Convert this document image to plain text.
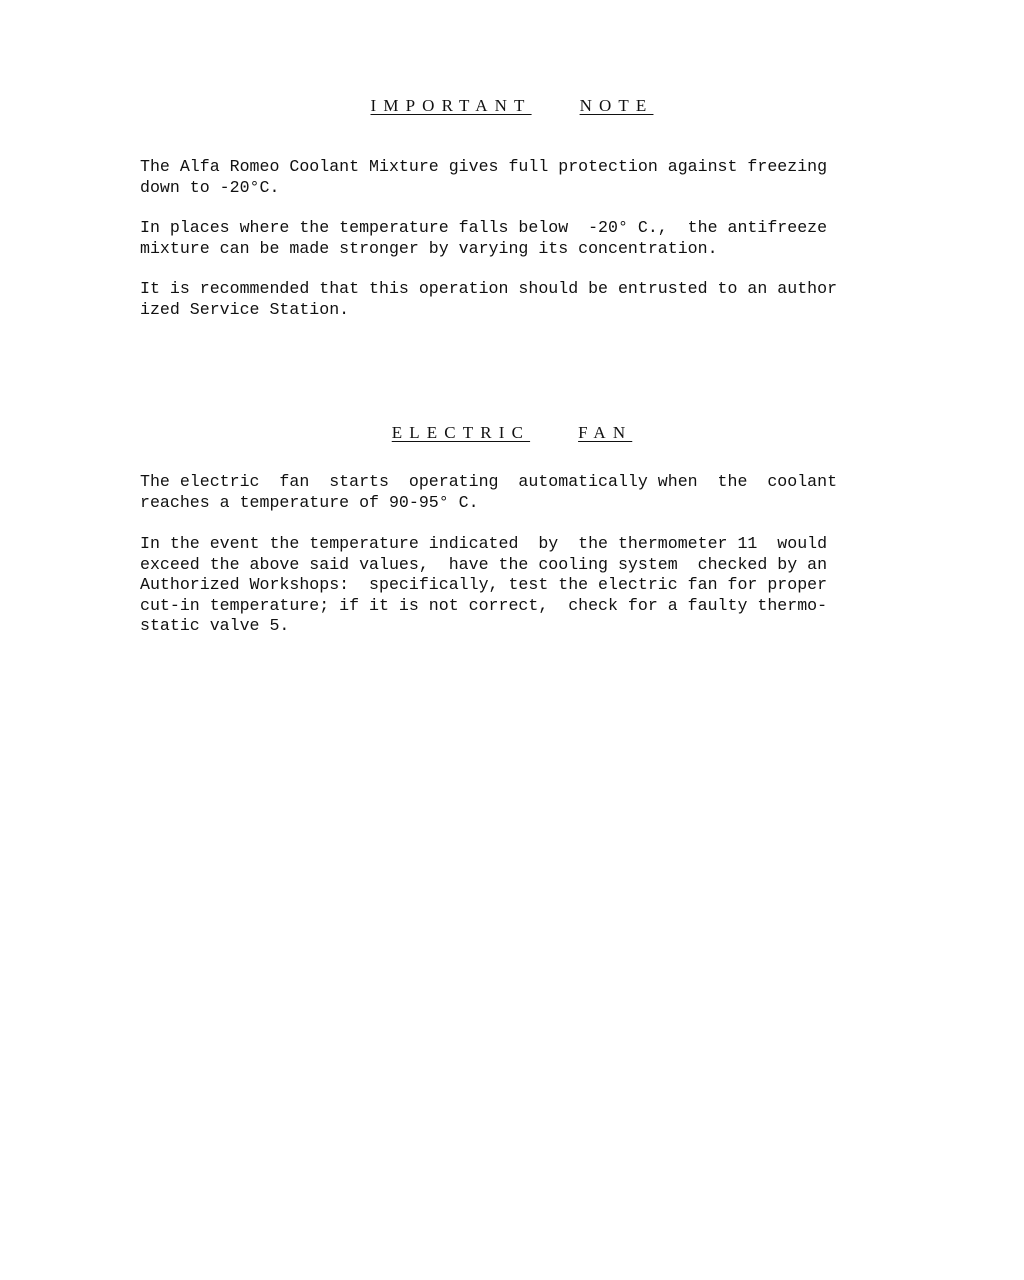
IMPORTANT	NOTE
The Alfa Romeo Coolant Mixture gives full protection against freezing
down to -20°C.
In places where the temperature falls below  -20° C.,  the antifreeze
mixture can be made stronger by varying its concentration.
It is recommended that this operation should be entrusted to an author
ized Service Station.
ELECTRIC	FAN
The electric  fan  starts  operating  automatically when  the  coolant
reaches a temperature of 90-95° C.
In the event the temperature indicated  by  the thermometer 11  would
exceed the above said values,  have the cooling system  checked by an
Authorized Workshops:  specifically, test the electric fan for proper
cut-in temperature; if it is not correct,  check for a faulty thermo-
static valve 5.
